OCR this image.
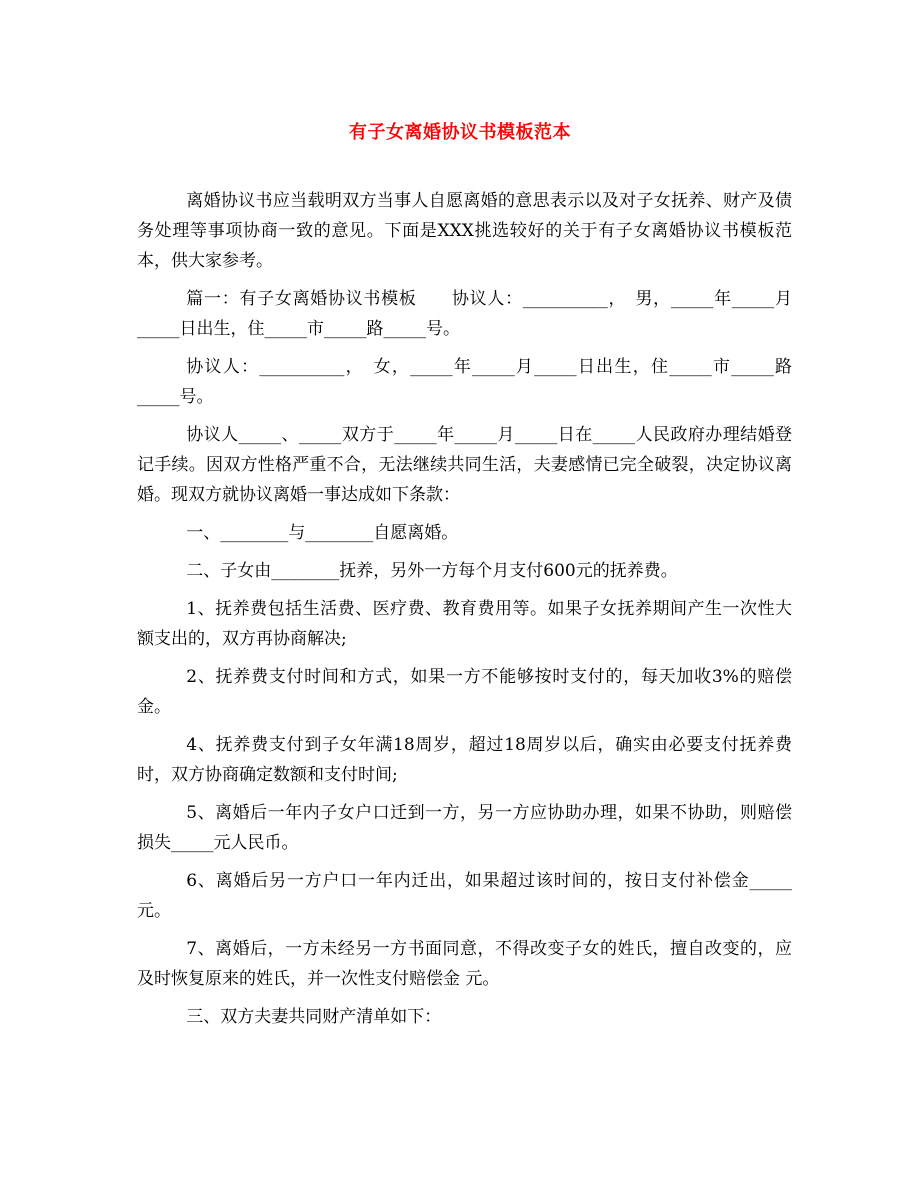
有子女离婚协议书模板范本

离婚协议书应当载明双方当事人自愿离婚的意思表示以及对子女抚养、财产及债务处理等事项协商一致的意见。下面是XXX挑选较好的关于有子女离婚协议书模板范本，供大家参考。

篇一：有子女离婚协议书模板　　协议人：__________，　男，_____年_____月_____日出生，住_____市_____路_____号。

协议人：__________，　女，_____年_____月_____日出生，住_____市_____路_____号。

协议人_____、_____双方于_____年_____月_____日在_____人民政府办理结婚登记手续。因双方性格严重不合，无法继续共同生活，夫妻感情已完全破裂，决定协议离婚。现双方就协议离婚一事达成如下条款：

一、________与________自愿离婚。

二、子女由________抚养，另外一方每个月支付600元的抚养费。

1、抚养费包括生活费、医疗费、教育费用等。如果子女抚养期间产生一次性大额支出的，双方再协商解决;

2、抚养费支付时间和方式，如果一方不能够按时支付的，每天加收3%的赔偿金。

4、抚养费支付到子女年满18周岁，超过18周岁以后，确实由必要支付抚养费时，双方协商确定数额和支付时间;

5、离婚后一年内子女户口迁到一方，另一方应协助办理，如果不协助，则赔偿损失_____元人民币。

6、离婚后另一方户口一年内迁出，如果超过该时间的，按日支付补偿金_____元。

7、离婚后，一方未经另一方书面同意，不得改变子女的姓氏，擅自改变的，应及时恢复原来的姓氏，并一次性支付赔偿金 元。

三、双方夫妻共同财产清单如下：
